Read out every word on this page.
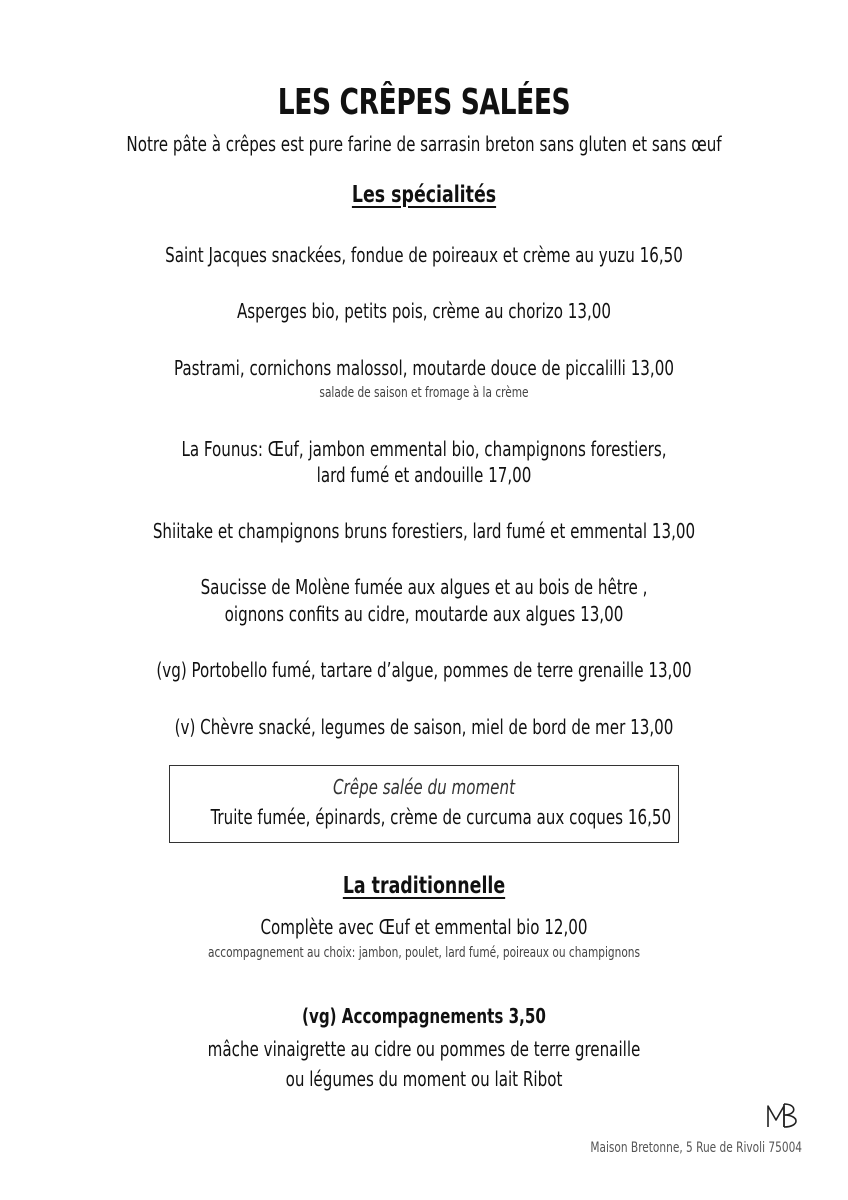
LES CRÊPES SALÉES
Notre pâte à crêpes est pure farine de sarrasin breton sans gluten et sans œuf
Les spécialités
Saint Jacques snackées, fondue de poireaux et crème au yuzu 16,50
Asperges bio, petits pois, crème au chorizo 13,00
Pastrami, cornichons malossol, moutarde douce de piccalilli 13,00
salade de saison et fromage à la crème
La Founus: Œuf, jambon emmental bio, champignons forestiers,
lard fumé et andouille 17,00
Shiitake et champignons bruns forestiers, lard fumé et emmental 13,00
Saucisse de Molène fumée aux algues et au bois de hêtre ,
oignons confits au cidre, moutarde aux algues 13,00
(vg) Portobello fumé, tartare d’algue, pommes de terre grenaille 13,00
(v) Chèvre snacké, legumes de saison, miel de bord de mer 13,00
Crêpe salée du moment
Truite fumée, épinards, crème de curcuma aux coques 16,50
La traditionnelle
Complète avec Œuf et emmental bio 12,00
accompagnement au choix: jambon, poulet, lard fumé, poireaux ou champignons
(vg) Accompagnements 3,50
mâche vinaigrette au cidre ou pommes de terre grenaille
ou légumes du moment ou lait Ribot
Maison Bretonne, 5 Rue de Rivoli 75004
